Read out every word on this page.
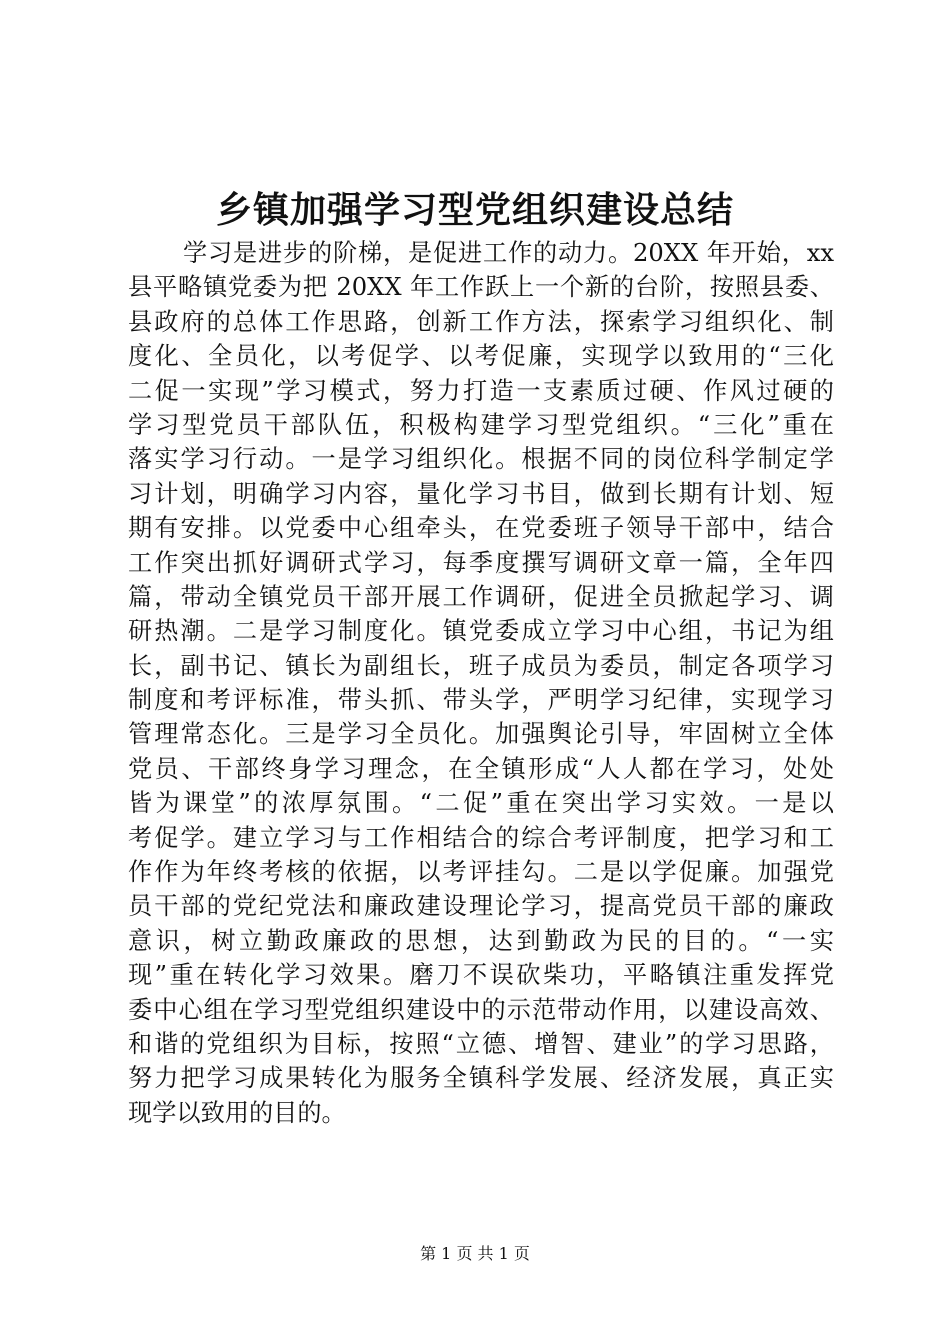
乡镇加强学习型党组织建设总结
学习是进步的阶梯，是促进工作的动力。20XX 年开始，xx
县平略镇党委为把 20XX 年工作跃上一个新的台阶，按照县委、
县政府的总体工作思路，创新工作方法，探索学习组织化、制
度化、全员化，以考促学、以考促廉，实现学以致用的“三化
二促一实现”学习模式，努力打造一支素质过硬、作风过硬的
学习型党员干部队伍，积极构建学习型党组织。“三化”重在
落实学习行动。一是学习组织化。根据不同的岗位科学制定学
习计划，明确学习内容，量化学习书目，做到长期有计划、短
期有安排。以党委中心组牵头，在党委班子领导干部中，结合
工作突出抓好调研式学习，每季度撰写调研文章一篇，全年四
篇，带动全镇党员干部开展工作调研，促进全员掀起学习、调
研热潮。二是学习制度化。镇党委成立学习中心组，书记为组
长，副书记、镇长为副组长，班子成员为委员，制定各项学习
制度和考评标准，带头抓、带头学，严明学习纪律，实现学习
管理常态化。三是学习全员化。加强舆论引导，牢固树立全体
党员、干部终身学习理念，在全镇形成“人人都在学习，处处
皆为课堂”的浓厚氛围。“二促”重在突出学习实效。一是以
考促学。建立学习与工作相结合的综合考评制度，把学习和工
作作为年终考核的依据，以考评挂勾。二是以学促廉。加强党
员干部的党纪党法和廉政建设理论学习，提高党员干部的廉政
意识，树立勤政廉政的思想，达到勤政为民的目的。“一实
现”重在转化学习效果。磨刀不误砍柴功，平略镇注重发挥党
委中心组在学习型党组织建设中的示范带动作用，以建设高效、
和谐的党组织为目标，按照“立德、增智、建业”的学习思路，
努力把学习成果转化为服务全镇科学发展、经济发展，真正实
现学以致用的目的。
第 1 页 共 1 页
